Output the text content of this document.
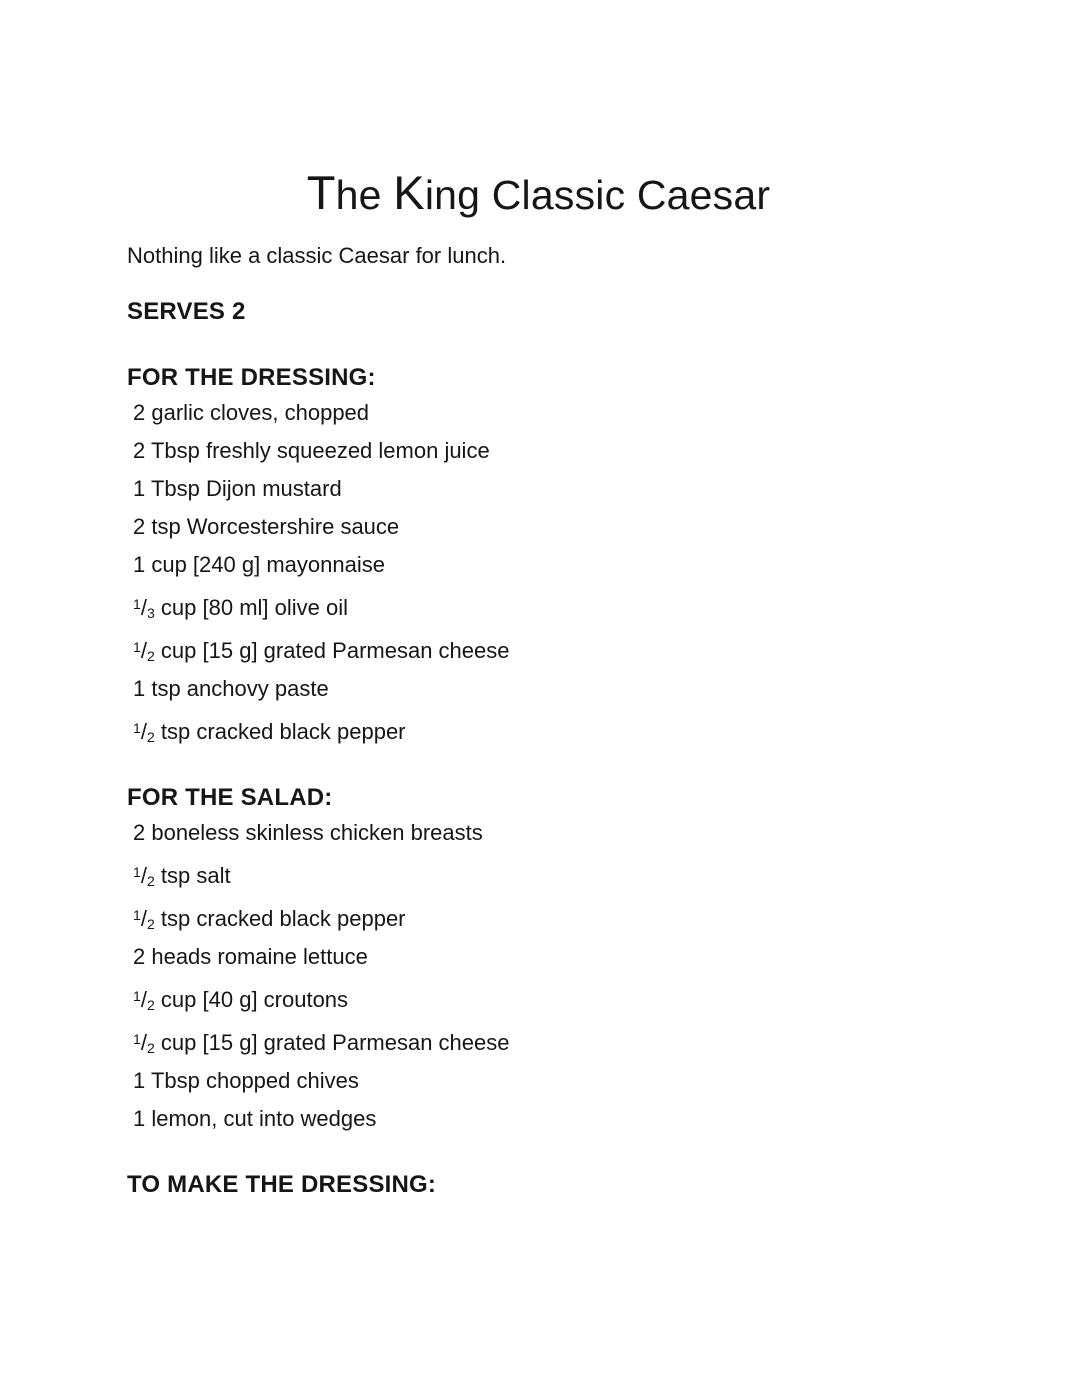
The King Classic Caesar

Nothing like a classic Caesar for lunch.

SERVES 2

FOR THE DRESSING:

2 garlic cloves, chopped

2 Tbsp freshly squeezed lemon juice

1 Tbsp Dijon mustard

2 tsp Worcestershire sauce

1 cup [240 g] mayonnaise

$^1/_3$ cup [80 ml] olive oil

$^1/_2$ cup [15 g] grated Parmesan cheese

1 tsp anchovy paste

$^1/_2$ tsp cracked black pepper

FOR THE SALAD:

2 boneless skinless chicken breasts

$^1/_2$ tsp salt

$^1/_2$ tsp cracked black pepper

2 heads romaine lettuce

$^1/_2$ cup [40 g] croutons

$^1/_2$ cup [15 g] grated Parmesan cheese

1 Tbsp chopped chives

1 lemon, cut into wedges

TO MAKE THE DRESSING:
